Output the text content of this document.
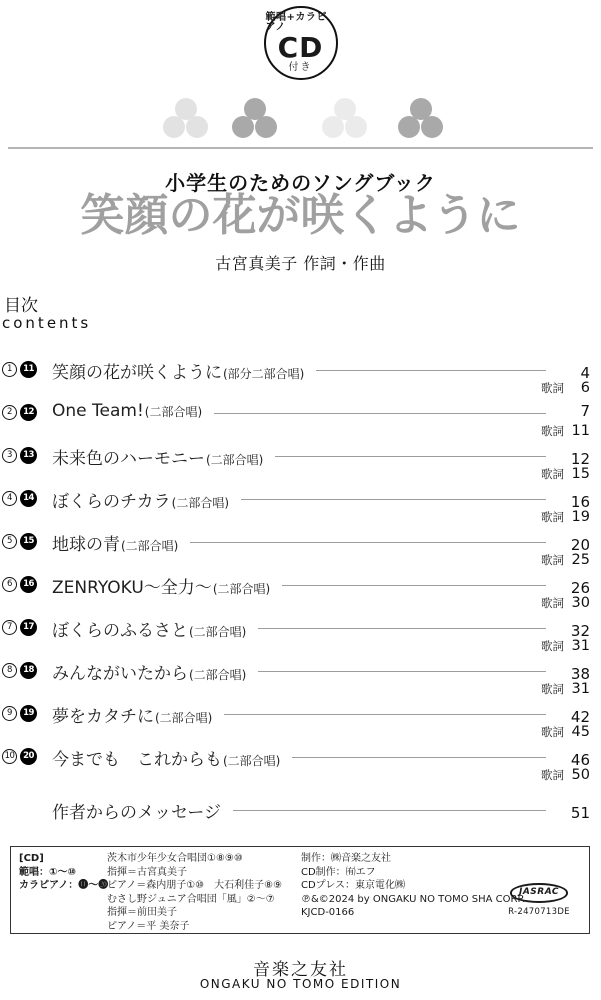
範唱+カラピアノ
CD
付き
小学生のためのソングブック
笑顔の花が咲くように
古宮真美子 作詞・作曲
目次
contents
1	11 笑顔の花が咲くように (部分二部合唱)	4
歌詞	6
2	12 One Team! (二部合唱)	7
歌詞 11
3	13 未来色のハーモニー (二部合唱)	12
歌詞 15
4	14 ぼくらのチカラ (二部合唱)	16
歌詞 19
5	15 地球の青 (二部合唱)	20
歌詞 25
6	16 ZENRYOKU〜全力〜 (二部合唱)	26
歌詞 30
7	17 ぼくらのふるさと (二部合唱)	32
歌詞 31
8	18 みんながいたから (二部合唱)	38
歌詞 31
9	19 夢をカタチに (二部合唱)	42
歌詞 45
10	20 今までも　これからも (二部合唱)	46
歌詞 50
作者からのメッセージ	51

[CD]

範唱：①〜⑩

カラピアノ：⓫〜⓴

茨木市少年少女合唱団①⑧⑨⑩

指揮＝古宮真美子

ピアノ＝森内朋子①⑩　大石利佳子⑧⑨

むさし野ジュニア合唱団「風」②〜⑦

指揮＝前田美子

ピアノ＝平 美奈子

制作：㈱音楽之友社

CD制作：㈲エフ

CDプレス：東京電化㈱

℗&©2024 by ONGAKU NO TOMO SHA CORP.

KJCD-0166

JASRAC
R-2470713DE
音楽之友社
ONGAKU NO TOMO EDITION
